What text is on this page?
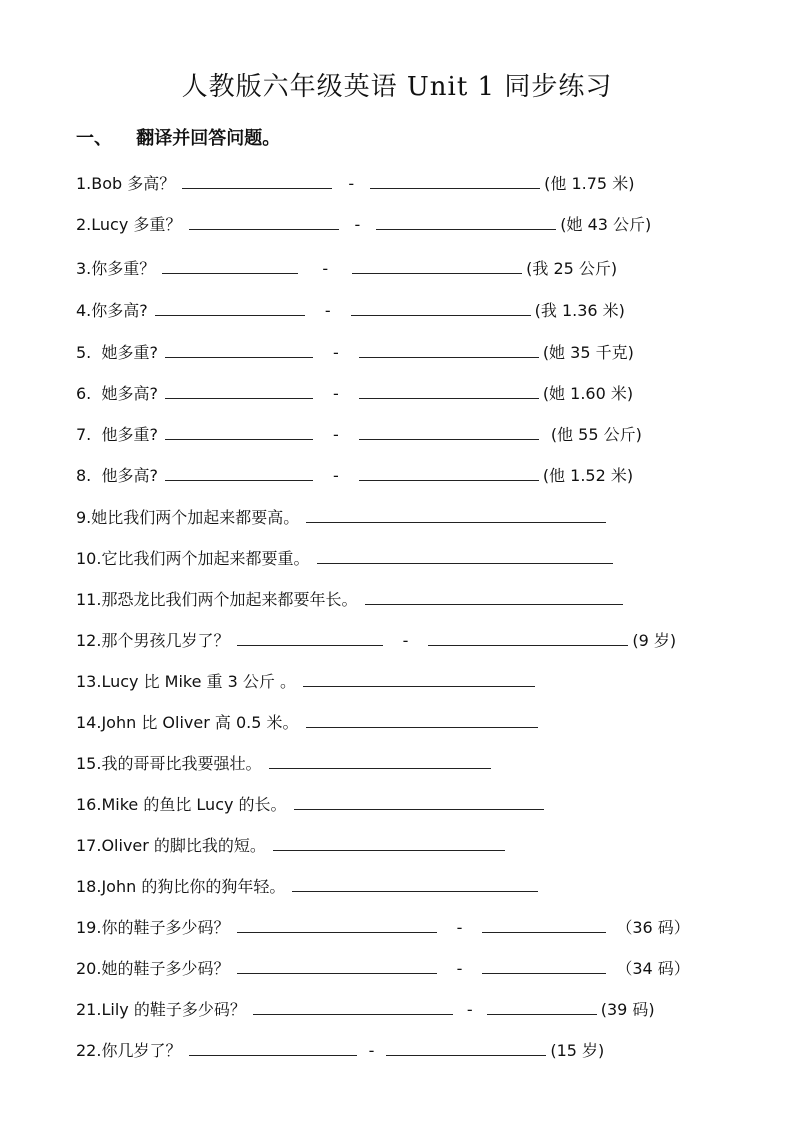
人教版六年级英语 Unit 1 同步练习
一、 翻译并回答问题。
1.Bob 多高？	-	(他 1.75 米)
2.Lucy 多重？	-	(她 43 公斤)
3.你多重？	-	(我 25 公斤)
4.你多高?	-	(我 1.36 米)
5. 她多重?	-	(她 35 千克)
6. 她多高?	-	(她 1.60 米)
7. 他多重?	-	(他 55 公斤)
8. 他多高?	-	(他 1.52 米)
9.她比我们两个加起来都要高。
10.它比我们两个加起来都要重。
11.那恐龙比我们两个加起来都要年长。
12.那个男孩几岁了？	-	(9 岁)
13.Lucy 比 Mike 重 3 公斤 。
14.John 比 Oliver 高 0.5 米。
15.我的哥哥比我要强壮。
16.Mike 的鱼比 Lucy 的长。
17.Oliver 的脚比我的短。
18.John 的狗比你的狗年轻。
19.你的鞋子多少码？	-	（36 码）
20.她的鞋子多少码？	-	（34 码）
21.Lily 的鞋子多少码？	-	(39 码)
22.你几岁了？	-	(15 岁)
